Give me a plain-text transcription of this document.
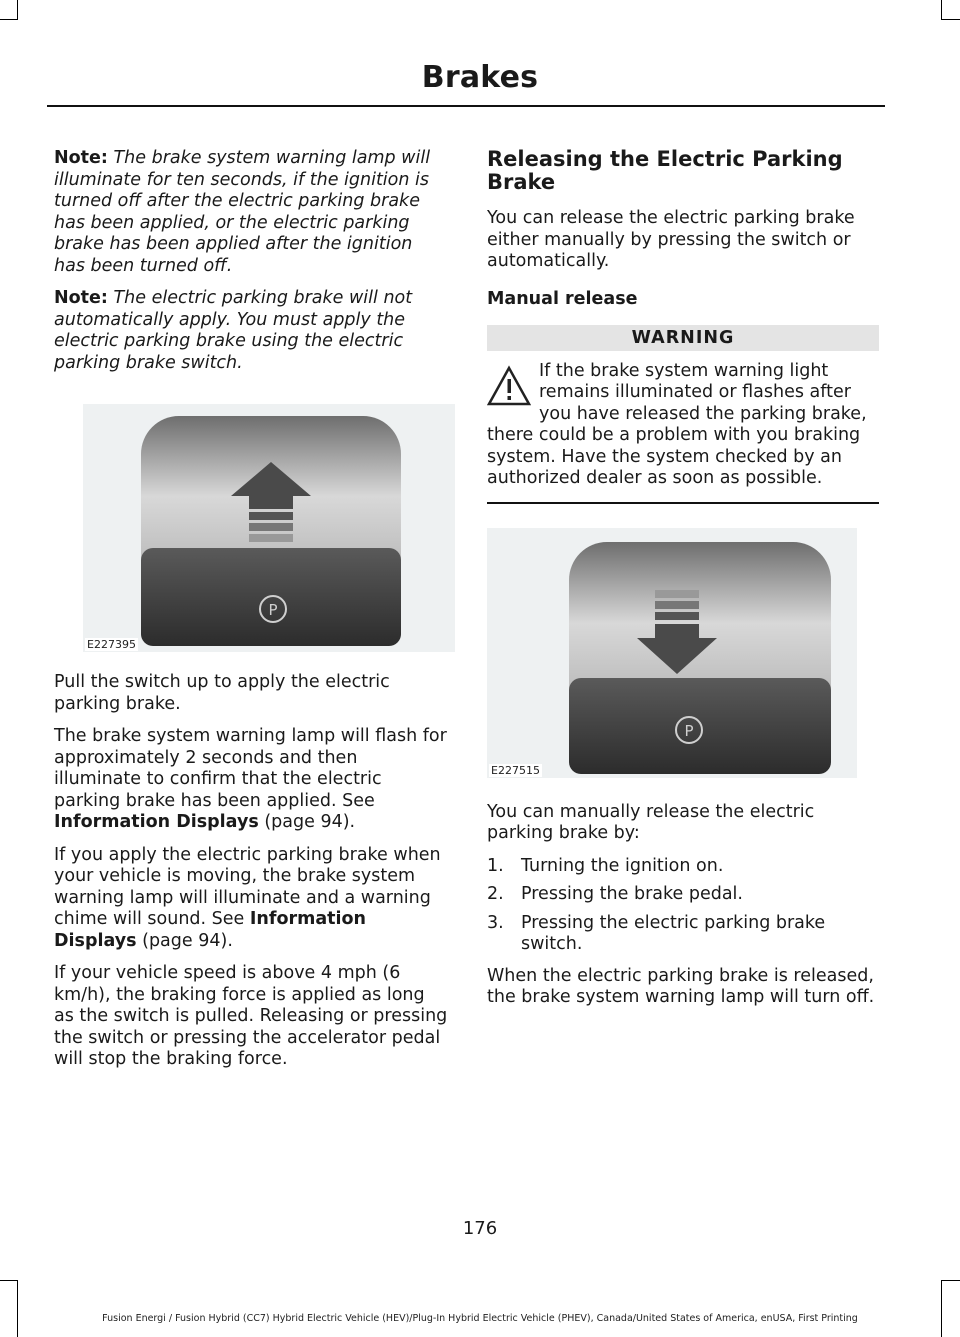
Brakes

Note: The brake system warning lamp will illuminate for ten seconds, if the ignition is turned off after the electric parking brake has been applied, or the electric parking brake has been applied after the ignition has been turned off.

Note: The electric parking brake will not automatically apply. You must apply the electric parking brake using the electric parking brake switch.

P
E227395

Pull the switch up to apply the electric parking brake.

The brake system warning lamp will flash for approximately 2 seconds and then illuminate to confirm that the electric parking brake has been applied. See Information Displays (page 94).

If you apply the electric parking brake when your vehicle is moving, the brake system warning lamp will illuminate and a warning chime will sound. See Information Displays (page 94).

If your vehicle speed is above 4 mph (6 km/h), the braking force is applied as long as the switch is pulled. Releasing or pressing the switch or pressing the accelerator pedal will stop the braking force.

Releasing the Electric Parking Brake

You can release the electric parking brake either manually by pressing the switch or automatically.

Manual release
WARNING
If the brake system warning light remains illuminated or flashes after you have released the parking brake, there could be a problem with you braking system. Have the system checked by an authorized dealer as soon as possible.
P
E227515

You can manually release the electric parking brake by:

1. Turning the ignition on.
2. Pressing the brake pedal.
3. Pressing the electric parking brake switch.

When the electric parking brake is released, the brake system warning lamp will turn off.

176
Fusion Energi / Fusion Hybrid (CC7) Hybrid Electric Vehicle (HEV)/Plug-In Hybrid Electric Vehicle (PHEV), Canada/United States of America, enUSA, First Printing
